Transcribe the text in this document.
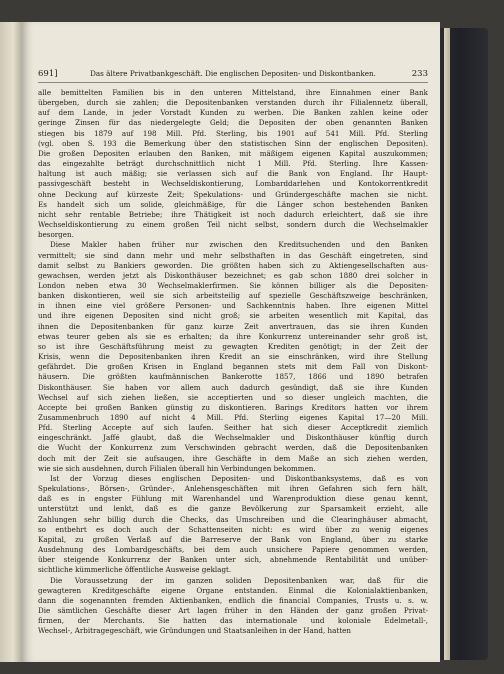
691]	Das ältere Privatbankgeschäft. Die englischen Depositen- und Diskontbanken.	233
alle bemittelten Familien bis in den unteren Mittelstand, ihre Einnahmen einer Bank
übergeben, durch sie zahlen; die Depositenbanken verstanden durch ihr Filialennetz überall,
auf dem Lande, in jeder Vorstadt Kunden zu werben. Die Banken zahlen keine oder
geringe Zinsen für das niedergelegte Geld; die Depositen der oben genannten Banken
stiegen bis 1879 auf 198 Mill. Pfd. Sterling, bis 1901 auf 541 Mill. Pfd. Sterling
(vgl. oben S. 193 die Bemerkung über den statistischen Sinn der englischen Depositen).
Die großen Depositen erlauben den Banken, mit mäßigem eigenen Kapital auszukommen;
das eingezahlte beträgt durchschnittlich nicht 1 Mill. Pfd. Sterling. Ihre Kassen-
haltung ist auch mäßig; sie verlassen sich auf die Bank von England. Ihr Haupt-
passivgeschäft besteht in Wechseldiskontierung, Lombarddarlehen und Kontokorrentkredit
ohne Deckung auf kürzeste Zeit; Spekulations- und Gründergeschäfte machen sie nicht.
Es handelt sich um solide, gleichmäßige, für die Länger schon bestehenden Banken
nicht sehr rentable Betriebe; ihre Thätigkeit ist noch dadurch erleichtert, daß sie ihre
Wechseldiskontierung zu einem großen Teil nicht selbst, sondern durch die Wechselmakler
besorgen.
Diese Makler haben früher nur zwischen den Kreditsuchenden und den Banken
vermittelt; sie sind dann mehr und mehr selbsthaften in das Geschäft eingetreten, sind
damit selbst zu Bankiers geworden. Die größten haben sich zu Aktiengesellschaften aus-
gewachsen, werden jetzt als Diskonthäuser bezeichnet; es gab schon 1880 drei solcher in
London neben etwa 30 Wechselmaklerfirmen. Sie können billiger als die Depositen-
banken diskontieren, weil sie sich arbeitsteilig auf spezielle Geschäftszweige beschränken,
in ihnen eine viel größere Personen- und Sachkenntnis haben. Ihre eigenen Mittel
und ihre eigenen Depositen sind nicht groß; sie arbeiten wesentlich mit Kapital, das
ihnen die Depositenbanken für ganz kurze Zeit anvertrauen, das sie ihren Kunden
etwas teurer geben als sie es erhalten; da ihre Konkurrenz untereinander sehr groß ist,
so ist ihre Geschäftsführung meist zu gewagten Krediten genötigt; in der Zeit der
Krisis, wenn die Depositenbanken ihren Kredit an sie einschränken, wird ihre Stellung
gefährdet. Die großen Krisen in England begannen stets mit dem Fall von Diskont-
häusern. Die größten kaufmännischen Bankerotte 1857, 1866 und 1890 betrafen
Diskonthäuser. Sie haben vor allem auch dadurch gesündigt, daß sie ihre Kunden
Wechsel auf sich ziehen ließen, sie acceptierten und so dieser ungleich machten, die
Accepte bei großen Banken günstig zu diskontieren. Barings Kreditors hatten vor ihrem
Zusammenbruch 1890 auf nicht 4 Mill. Pfd. Sterling eigenes Kapital 17—20 Mill.
Pfd. Sterling Accepte auf sich laufen. Seither hat sich dieser Acceptkredit ziemlich
eingeschränkt. Jaffé glaubt, daß die Wechselmakler und Diskonthäuser künftig durch
die Wucht der Konkurrenz zum Verschwinden gebracht werden, daß die Depositenbanken
doch mit der Zeit sie aufsaugen, ihre Geschäfte in dem Maße an sich ziehen werden,
wie sie sich ausdehnen, durch Filialen überall hin Verbindungen bekommen.
Ist der Vorzug dieses englischen Depositen- und Diskontbanksystems, daß es von
Spekulations-, Börsen-, Gründer-, Anlehensgeschäften mit ihren Gefahren sich fern hält,
daß es in engster Fühlung mit Warenhandel und Warenproduktion diese genau kennt,
unterstützt und lenkt, daß es die ganze Bevölkerung zur Sparsamkeit erzieht, alle
Zahlungen sehr billig durch die Checks, das Umschreiben und die Clearinghäuser abmacht,
so entbehrt es doch auch der Schattenseiten nicht: es wird über zu wenig eigenes
Kapital, zu großen Verlaß auf die Barreserve der Bank von England, über zu starke
Ausdehnung des Lombardgeschäfts, bei dem auch unsichere Papiere genommen werden,
über steigende Konkurrenz der Banken unter sich, abnehmende Rentabilität und unüber-
sichtliche kümmerliche öffentliche Ausweise geklagt.
Die Voraussetzung der im ganzen soliden Depositenbanken war, daß für die
gewagteren Kreditgeschäfte eigene Organe entstanden. Einmal die Kolonialaktienbanken,
dann die sogenannten fremden Aktienbanken, endlich die financial Companies, Trusts u. s. w.
Die sämtlichen Geschäfte dieser Art lagen früher in den Händen der ganz großen Privat-
firmen, der Merchants. Sie hatten das internationale und koloniale Edelmetall-,
Wechsel-, Arbitragegeschäft, wie Gründungen und Staatsanleihen in der Hand, hatten
